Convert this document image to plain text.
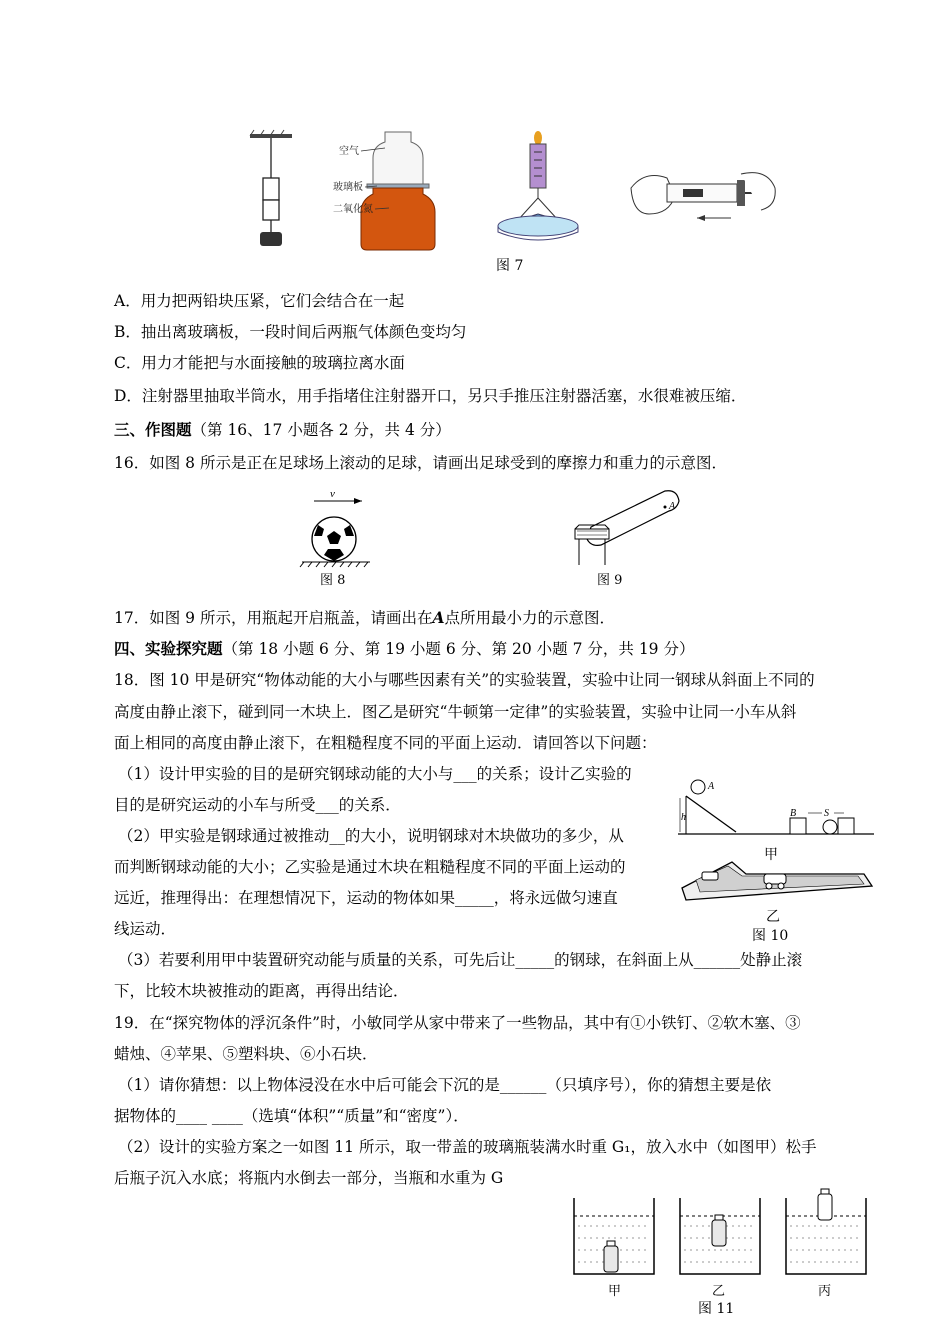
空气
玻璃板
二氧化氮
图 7
A．用力把两铅块压紧，它们会结合在一起
B．抽出离玻璃板，一段时间后两瓶气体颜色变均匀
C．用力才能把与水面接触的玻璃拉离水面
D．注射器里抽取半筒水，用手指堵住注射器开口，另只手推压注射器活塞，水很难被压缩．
三、作图题（第 16、17 小题各 2 分，共 4 分）
16．如图 8 所示是正在足球场上滚动的足球，请画出足球受到的摩擦力和重力的示意图．
v
图 8
A
图 9
17．如图 9 所示，用瓶起开启瓶盖，请画出在A点所用最小力的示意图．
四、实验探究题（第 18 小题 6 分、第 19 小题 6 分、第 20 小题 7 分，共 19 分）
18．图 10 甲是研究“物体动能的大小与哪些因素有关”的实验装置，实验中让同一钢球从斜面上不同的
高度由静止滚下，碰到同一木块上．图乙是研究“牛顿第一定律”的实验装置，实验中让同一小车从斜
面上相同的高度由静止滚下，在粗糙程度不同的平面上运动．请回答以下问题：
（1）设计甲实验的目的是研究钢球动能的大小与___的关系；设计乙实验的
目的是研究运动的小车与所受___的关系．
（2）甲实验是钢球通过被推动__的大小，说明钢球对木块做功的多少，从
而判断钢球动能的大小；乙实验是通过木块在粗糙程度不同的平面上运动的
远近，推理得出：在理想情况下，运动的物体如果_____，将永远做匀速直
线运动．
A
h	B	S
甲
乙
图 10
（3）若要利用甲中装置研究动能与质量的关系，可先后让_____的钢球，在斜面上从______处静止滚
下，比较木块被推动的距离，再得出结论．
19．在“探究物体的浮沉条件”时，小敏同学从家中带来了一些物品，其中有①小铁钉、②软木塞、③
蜡烛、④苹果、⑤塑料块、⑥小石块．
（1）请你猜想：以上物体浸没在水中后可能会下沉的是______（只填序号），你的猜想主要是依
据物体的____ ____（选填“体积”“质量”和“密度”）．
（2）设计的实验方案之一如图 11 所示，取一带盖的玻璃瓶装满水时重 G₁，放入水中（如图甲）松手
后瓶子沉入水底；将瓶内水倒去一部分，当瓶和水重为 G
甲	乙	丙
图 11
